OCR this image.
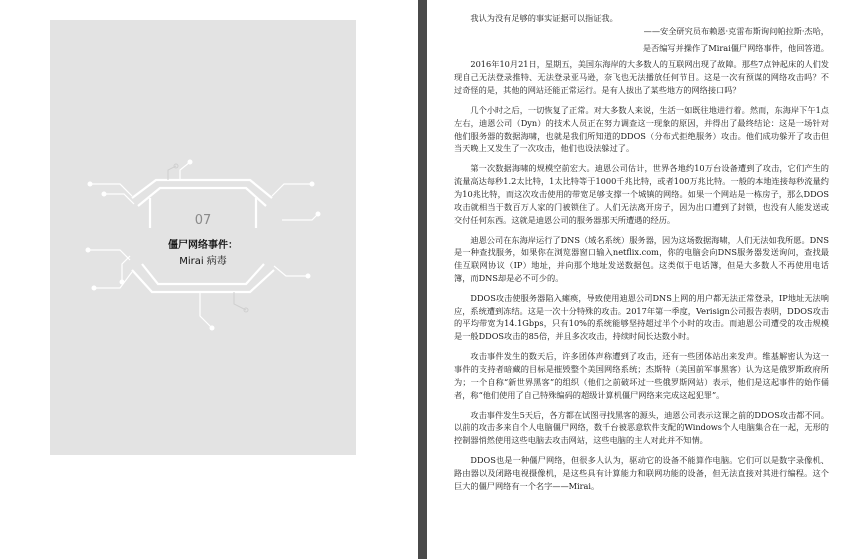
07
僵尸网络事件：
Mirai 病毒

我认为没有足够的事实证据可以指证我。

——安全研究员布赖恩·克雷布斯询问帕拉斯·杰哈，

是否编写并操作了Mirai僵尸网络事件，他回答道。

2016年10月21日，星期五，美国东海岸的大多数人的互联网出现了故障。那些7点钟起床的人们发现自己无法登录推特、无法登录亚马逊，奈飞也无法播放任何节目。这是一次有预谋的网络攻击吗？不过奇怪的是，其他的网站还能正常运行。是有人拔出了某些地方的网络接口吗？

几个小时之后，一切恢复了正常。对大多数人来说，生活一如既往地进行着。然而，东海岸下午1点左右，迪恩公司（Dyn）的技术人员正在努力调查这一现象的原因，并得出了最终结论：这是一场针对他们服务器的数据海啸，也就是我们所知道的DDOS（分布式拒绝服务）攻击。他们成功躲开了攻击但当天晚上又发生了一次攻击，他们也设法躲过了。

第一次数据海啸的规模空前宏大。迪恩公司估计，世界各地约10万台设备遭到了攻击，它们产生的流量高达每秒1.2太比特，1太比特等于1000千兆比特，或者100万兆比特。一般的本地连接每秒流量约为10兆比特，而这次攻击使用的带宽足够支撑一个城镇的网络。如果一个网站是一栋房子，那么DDOS攻击就相当于数百万人家的门被锁住了。人们无法离开房子，因为出口遭到了封锁，也没有人能发送或交付任何东西。这就是迪恩公司的服务器那天所遭遇的经历。

迪恩公司在东海岸运行了DNS（域名系统）服务器，因为这场数据海啸，人们无法如我所愿。DNS是一种查找服务，如果你在浏览器窗口输入netflix.com，你的电脑会向DNS服务器发送询问，查找最佳互联网协议（IP）地址，并向那个地址发送数据包。这类似于电话簿，但是大多数人不再使用电话簿，而DNS却是必不可少的。

DDOS攻击使服务器陷入瘫痪，导致使用迪恩公司DNS上网的用户都无法正常登录，IP地址无法响应，系统遭到冻结。这是一次十分特殊的攻击。2017年第一季度，Verisign公司报告表明，DDOS攻击的平均带宽为14.1Gbps，只有10%的系统能够坚持超过半个小时的攻击。而迪恩公司遭受的攻击规模是一般DDOS攻击的85倍，并且多次攻击，持续时间长达数小时。

攻击事件发生的数天后，许多团体声称遭到了攻击，还有一些团体站出来发声。维基解密认为这一事件的支持者暗藏的目标是摧毁整个美国网络系统；杰斯特（美国前军事黑客）认为这是俄罗斯政府所为；一个自称“新世界黑客”的组织（他们之前破坏过一些俄罗斯网站）表示，他们是这起事件的始作俑者，称“他们使用了自己特殊编码的超级计算机僵尸网络来完成这起犯罪”。

攻击事件发生5天后，各方都在试图寻找黑客的源头，迪恩公司表示这课之前的DDOS攻击都不同。以前的攻击多来自个人电脑僵尸网络，数千台被恶意软件支配的Windows个人电脑集合在一起，无形的控制器悄然使用这些电脑去攻击网站，这些电脑的主人对此并不知情。

DDOS也是一种僵尸网络，但很多人认为，驱动它的设备不能算作电脑。它们可以是数字录像机、路由器以及闭路电视摄像机，是这些具有计算能力和联网功能的设备，但无法直接对其进行编程。这个巨大的僵尸网络有一个名字——Mirai。
